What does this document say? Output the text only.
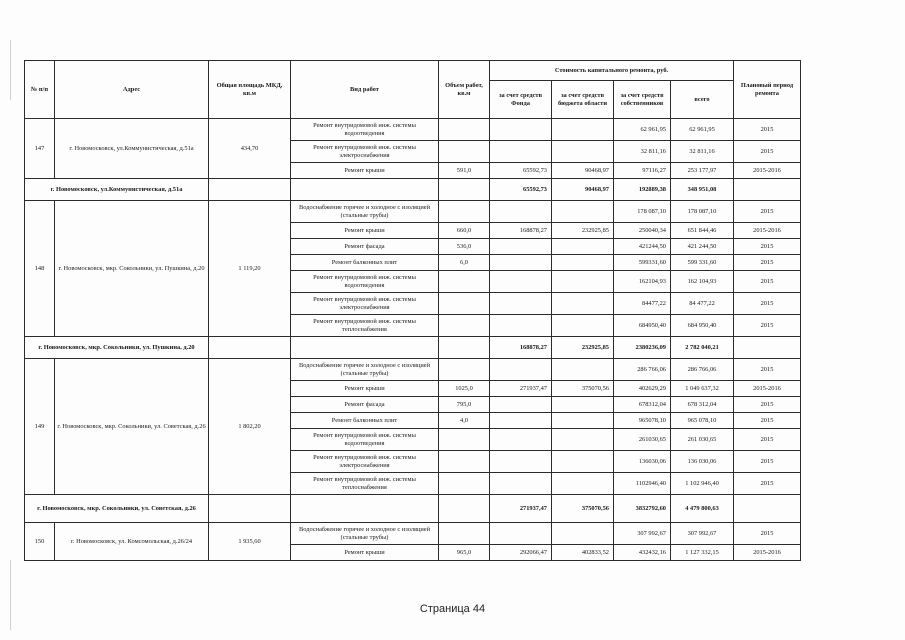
№ п/п	Адрес	Общая площадь МКД, кв.м	Вид работ	Объем работ, кв.м	Стоимость капитального ремонта, руб.				Плановый период ремонта
					за счет средств Фонда	за счет средств бюджета области	за счет средств собственников	всего	
147	г. Новомосковск, ул.Коммунистическая, д.51а	434,70	Ремонт внутридомовой инж. системы водоотведения				62 961,95	62 961,95	2015
			Ремонт внутридомовой инж. системы электроснабжения				32 811,16	32 811,16	2015
			Ремонт крыши	591,0	65592,73	90468,97	97116,27	253 177,97	2015-2016
г. Новомосковск, ул.Коммунистическая, д.51а					65592,73	90468,97	192889,38	348 951,08	
148	г. Новомосковск, мкр. Сокольники, ул. Пушкина, д.20	1 119,20	Водоснабжение горячее и холодное с изоляцией (стальные трубы)				178 087,10	178 087,10	2015
			Ремонт крыши	660,0	168878,27	232925,85	250040,34	651 844,46	2015-2016
			Ремонт фасада	536,0			421244,50	421 244,50	2015
			Ремонт балконных плит	6,0			599331,60	599 331,60	2015
			Ремонт внутридомовой инж. системы водоотведения				162104,93	162 104,93	2015
			Ремонт внутридомовой инж. системы электроснабжения				84477,22	84 477,22	2015
			Ремонт внутридомовой инж. системы теплоснабжения				684950,40	684 950,40	2015
г. Новомосковск, мкр. Сокольники, ул. Пушкина, д.20					168878,27	232925,85	2380236,09	2 782 040,21	
149	г. Новомосковск, мкр. Сокольники, ул. Советская, д.26	1 802,20	Водоснабжение горячее и холодное с изоляцией (стальные трубы)				286 766,06	286 766,06	2015
			Ремонт крыши	1025,0	271937,47	375070,56	402629,29	1 049 637,32	2015-2016
			Ремонт фасада	795,0			678312,04	678 312,04	2015
			Ремонт балконных плит	4,0			965078,10	965 078,10	2015
			Ремонт внутридомовой инж. системы водоотведения				261030,65	261 030,65	2015
			Ремонт внутридомовой инж. системы электроснабжения				136030,06	136 030,06	2015
			Ремонт внутридомовой инж. системы теплоснабжения				1102946,40	1 102 946,40	2015
г. Новомосковск, мкр. Сокольники, ул. Советская, д.26					271937,47	375070,56	3832792,60	4 479 800,63	
150	г. Новомосковск, ул. Комсомольская, д.26/24	1 935,60	Водоснабжение горячее и холодное с изоляцией (стальные трубы)				307 992,67	307 992,67	2015
			Ремонт крыши	965,0	292066,47	402833,52	432432,16	1 127 332,15	2015-2016
Страница 44
